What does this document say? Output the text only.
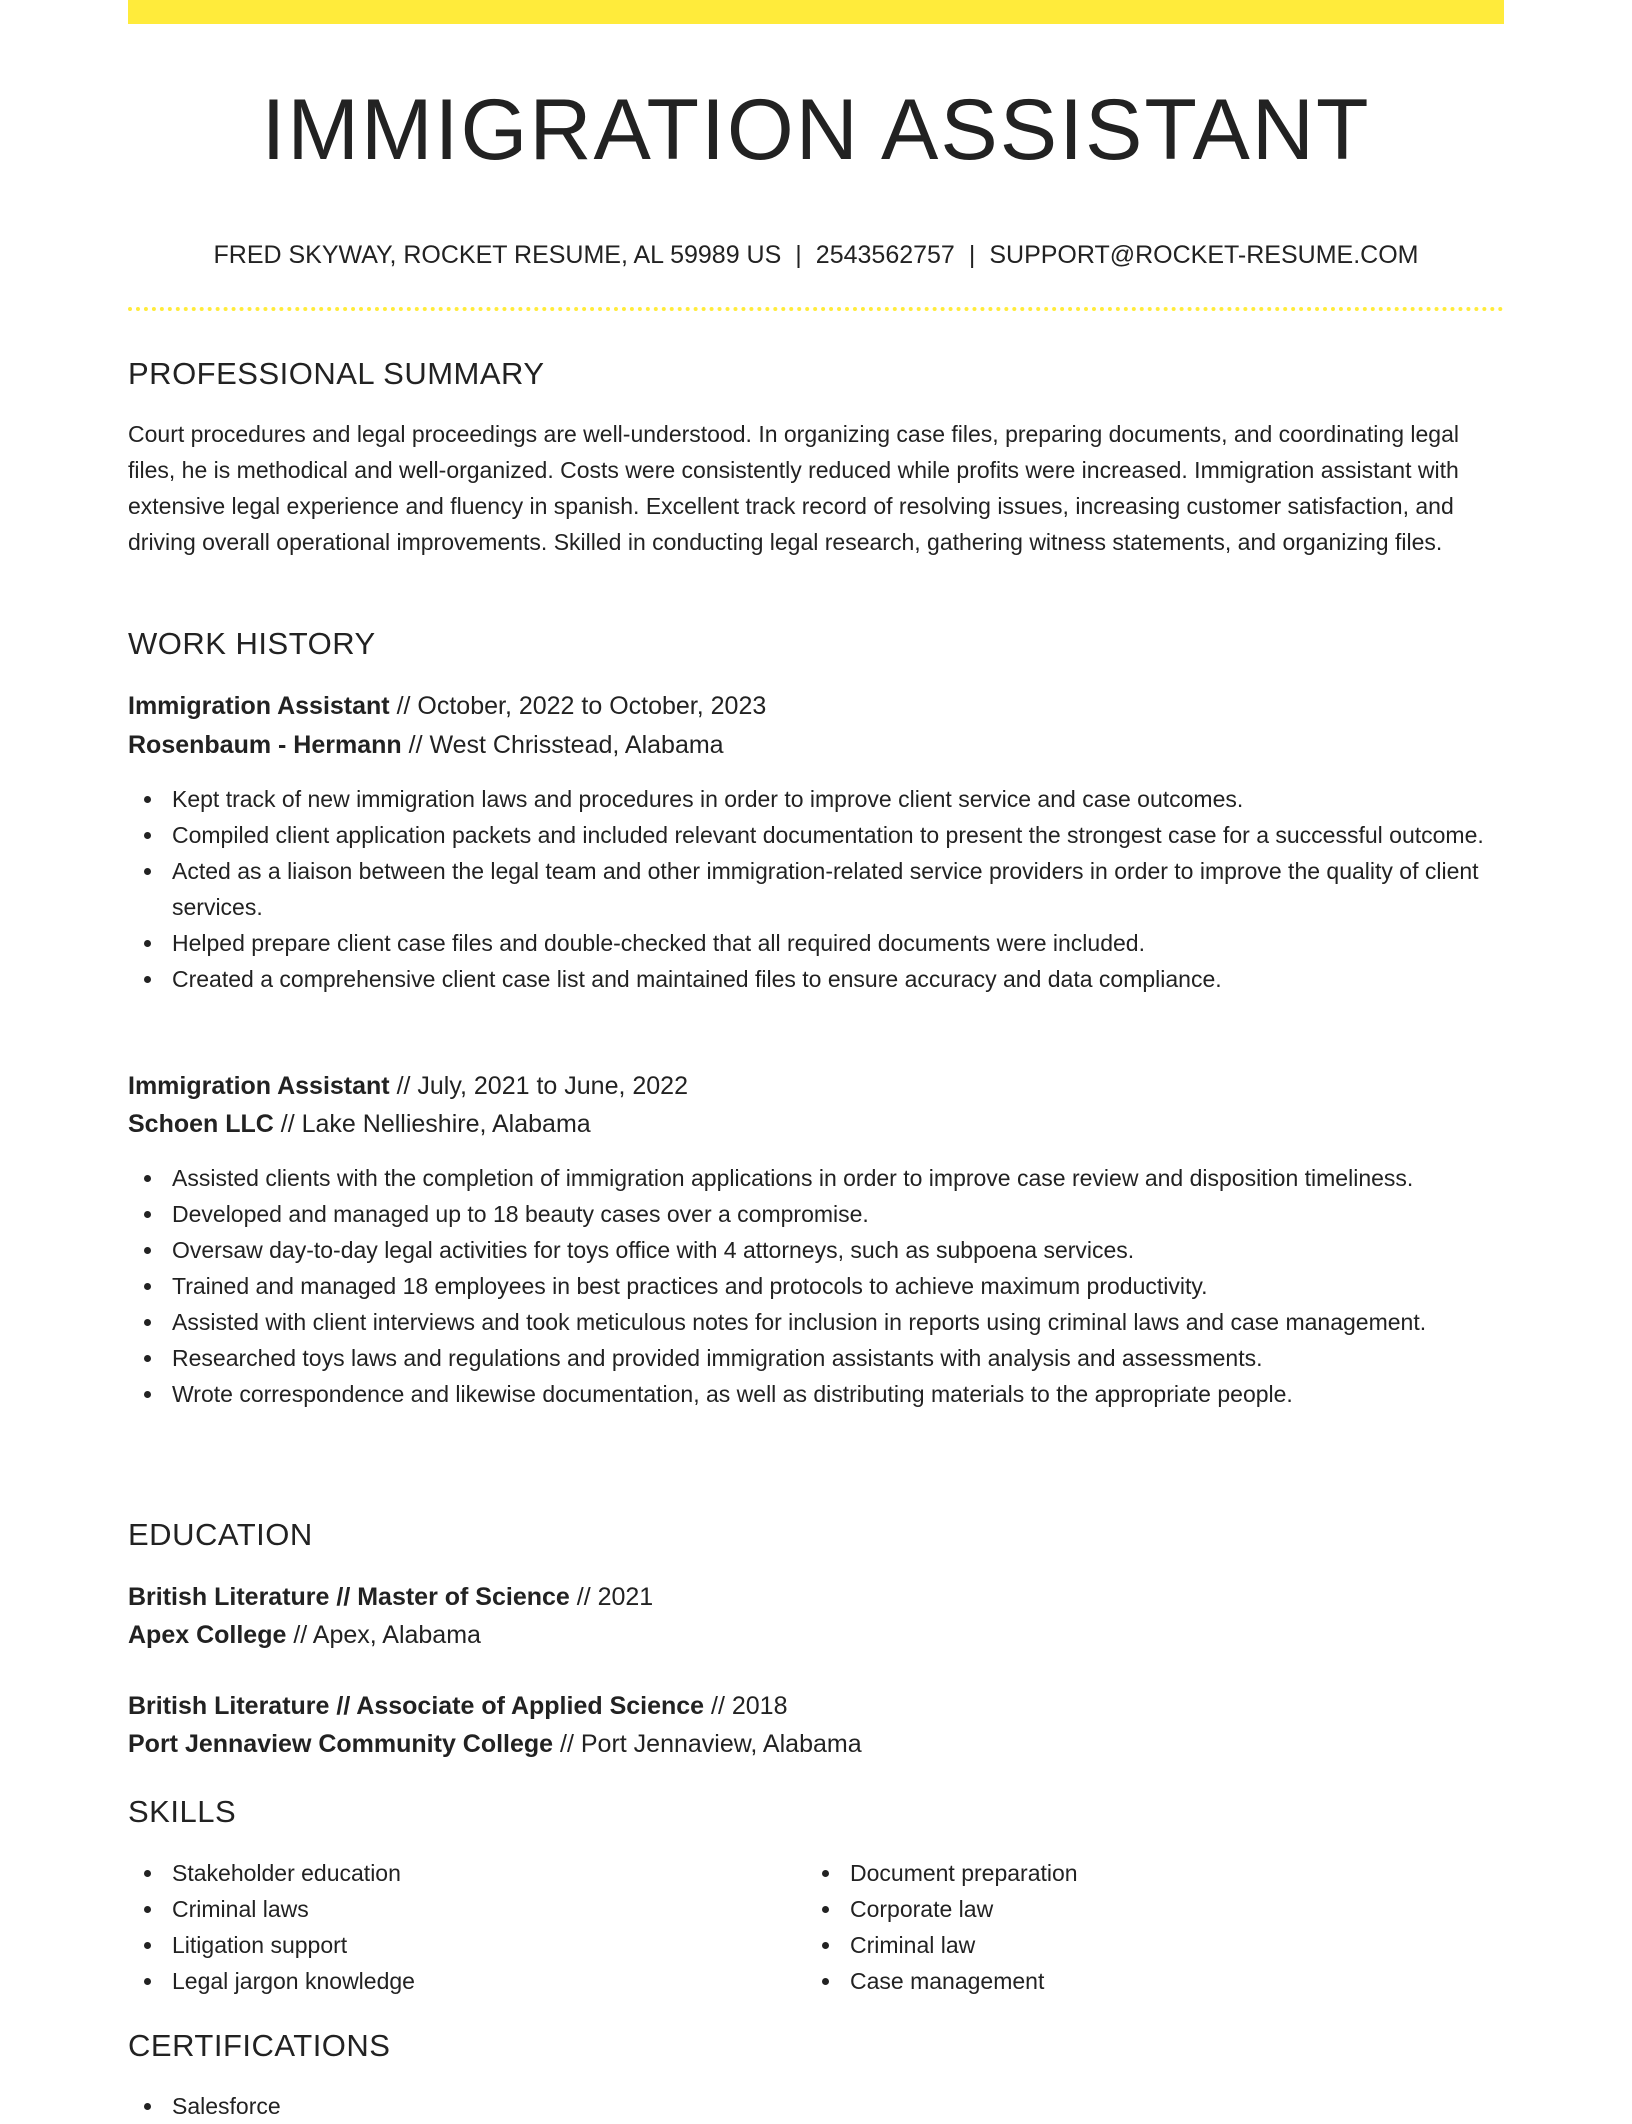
IMMIGRATION ASSISTANT
FRED SKYWAY, ROCKET RESUME, AL 59989 US | 2543562757 | SUPPORT@ROCKET-RESUME.COM
PROFESSIONAL SUMMARY
Court procedures and legal proceedings are well-understood. In organizing case files, preparing documents, and coordinating legal files, he is methodical and well-organized. Costs were consistently reduced while profits were increased. Immigration assistant with extensive legal experience and fluency in spanish. Excellent track record of resolving issues, increasing customer satisfaction, and driving overall operational improvements. Skilled in conducting legal research, gathering witness statements, and organizing files.
WORK HISTORY
Immigration Assistant // October, 2022 to October, 2023
Rosenbaum - Hermann // West Chrisstead, Alabama
Kept track of new immigration laws and procedures in order to improve client service and case outcomes.
Compiled client application packets and included relevant documentation to present the strongest case for a successful outcome.
Acted as a liaison between the legal team and other immigration-related service providers in order to improve the quality of client services.
Helped prepare client case files and double-checked that all required documents were included.
Created a comprehensive client case list and maintained files to ensure accuracy and data compliance.
Immigration Assistant // July, 2021 to June, 2022
Schoen LLC // Lake Nellieshire, Alabama
Assisted clients with the completion of immigration applications in order to improve case review and disposition timeliness.
Developed and managed up to 18 beauty cases over a compromise.
Oversaw day-to-day legal activities for toys office with 4 attorneys, such as subpoena services.
Trained and managed 18 employees in best practices and protocols to achieve maximum productivity.
Assisted with client interviews and took meticulous notes for inclusion in reports using criminal laws and case management.
Researched toys laws and regulations and provided immigration assistants with analysis and assessments.
Wrote correspondence and likewise documentation, as well as distributing materials to the appropriate people.
EDUCATION
British Literature // Master of Science // 2021
Apex College // Apex, Alabama
British Literature // Associate of Applied Science // 2018
Port Jennaview Community College // Port Jennaview, Alabama
SKILLS
Stakeholder education
Criminal laws
Litigation support
Legal jargon knowledge
Document preparation
Corporate law
Criminal law
Case management
CERTIFICATIONS
Salesforce
